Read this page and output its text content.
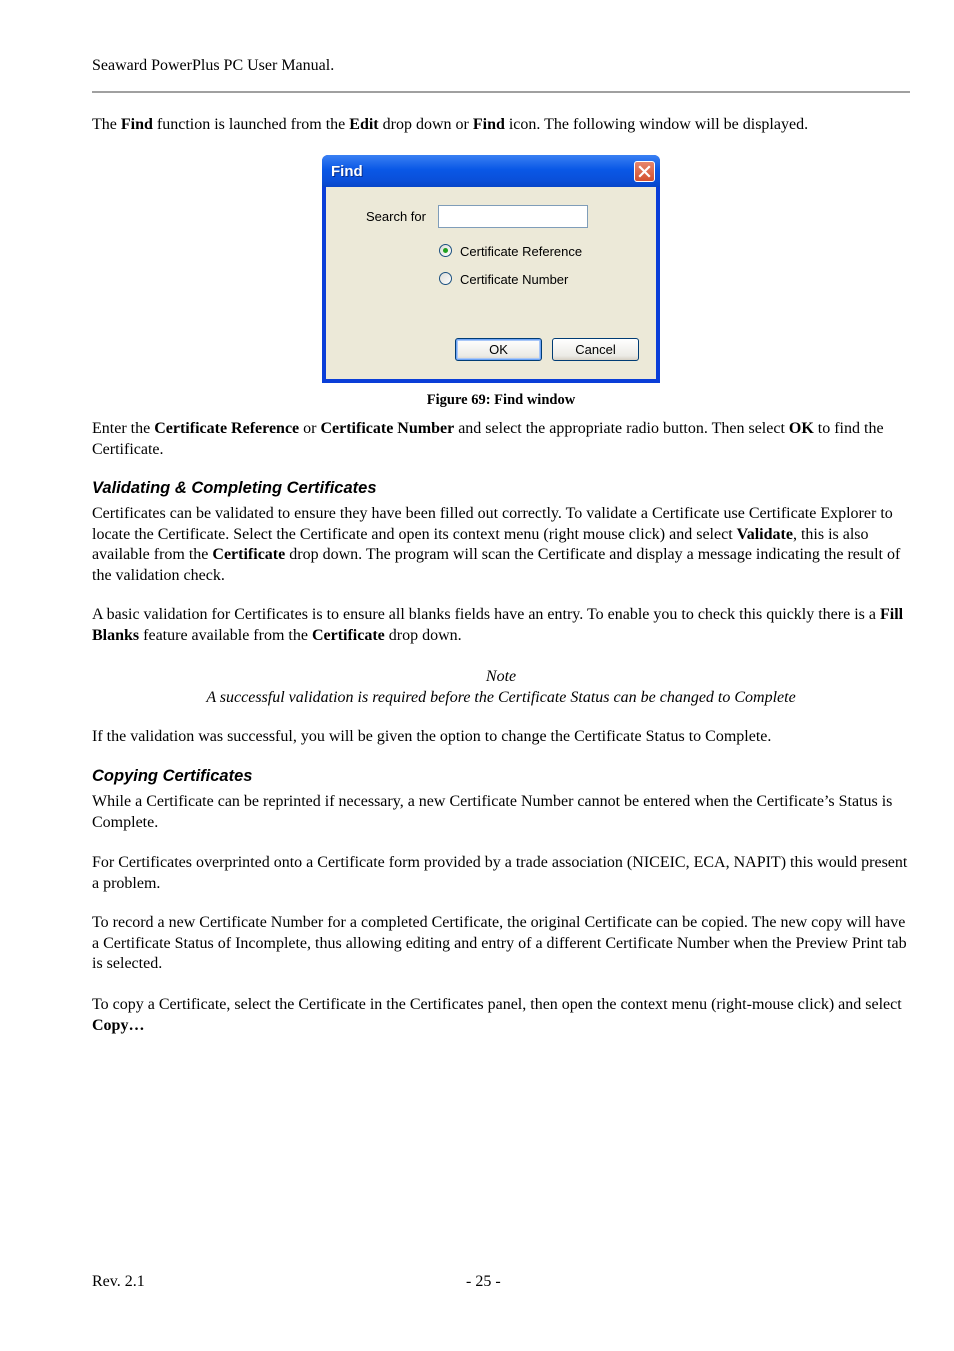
Seaward PowerPlus PC User Manual.
The Find function is launched from the Edit drop down or Find icon. The following window will be displayed.
Find
Search for
Certificate Reference
Certificate Number
OK	Cancel
Figure 69: Find window
Enter the Certificate Reference or Certificate Number and select the appropriate radio button. Then select OK to find the Certificate.
Validating & Completing Certificates
Certificates can be validated to ensure they have been filled out correctly. To validate a Certificate use Certificate Explorer to locate the Certificate. Select the Certificate and open its context menu (right mouse click) and select Validate, this is also available from the Certificate drop down. The program will scan the Certificate and display a message indicating the result of the validation check.
A basic validation for Certificates is to ensure all blanks fields have an entry. To enable you to check this quickly there is a Fill Blanks feature available from the Certificate drop down.
Note
A successful validation is required before the Certificate Status can be changed to Complete
If the validation was successful, you will be given the option to change the Certificate Status to Complete.
Copying Certificates
While a Certificate can be reprinted if necessary, a new Certificate Number cannot be entered when the Certificate’s Status is Complete.
For Certificates overprinted onto a Certificate form provided by a trade association (NICEIC, ECA, NAPIT) this would present a problem.
To record a new Certificate Number for a completed Certificate, the original Certificate can be copied. The new copy will have a Certificate Status of Incomplete, thus allowing editing and entry of a different Certificate Number when the Preview Print tab is selected.
To copy a Certificate, select the Certificate in the Certificates panel, then open the context menu (right-mouse click) and select Copy…
Rev. 2.1	- 25 -
